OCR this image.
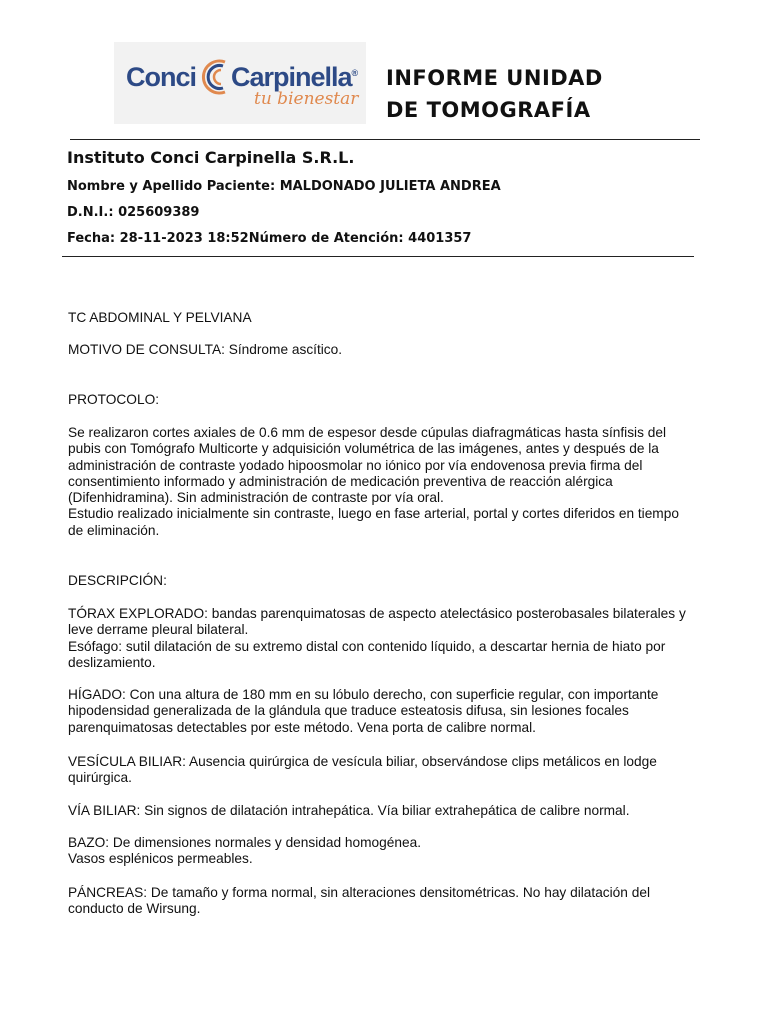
Conci Carpinella®
tu bienestar
INFORME UNIDAD
DE TOMOGRAFÍA
Instituto Conci Carpinella S.R.L.
Nombre y Apellido Paciente: MALDONADO JULIETA ANDREA
D.N.I.: 025609389
Fecha: 28-11-2023 18:52Número de Atención: 4401357
TC ABDOMINAL Y PELVIANA
MOTIVO DE CONSULTA: Síndrome ascítico.
PROTOCOLO:

Se realizaron cortes axiales de 0.6 mm de espesor desde cúpulas diafragmáticas hasta sínfisis del

pubis con Tomógrafo Multicorte y adquisición volumétrica de las imágenes, antes y después de la

administración de contraste yodado hipoosmolar no iónico por vía endovenosa previa firma del

consentimiento informado y administración de medicación preventiva de reacción alérgica

(Difenhidramina). Sin administración de contraste por vía oral.

Estudio realizado inicialmente sin contraste, luego en fase arterial, portal y cortes diferidos en tiempo

de eliminación.

DESCRIPCIÓN:

TÓRAX EXPLORADO: bandas parenquimatosas de aspecto atelectásico posterobasales bilaterales y

leve derrame pleural bilateral.

Esófago: sutil dilatación de su extremo distal con contenido líquido, a descartar hernia de hiato por

deslizamiento.

HÍGADO: Con una altura de 180 mm en su lóbulo derecho, con superficie regular, con importante

hipodensidad generalizada de la glándula que traduce esteatosis difusa, sin lesiones focales

parenquimatosas detectables por este método. Vena porta de calibre normal.

VESÍCULA BILIAR: Ausencia quirúrgica de vesícula biliar, observándose clips metálicos en lodge

quirúrgica.

VÍA BILIAR: Sin signos de dilatación intrahepática. Vía biliar extrahepática de calibre normal.

BAZO: De dimensiones normales y densidad homogénea.

Vasos esplénicos permeables.

PÁNCREAS: De tamaño y forma normal, sin alteraciones densitométricas. No hay dilatación del

conducto de Wirsung.
